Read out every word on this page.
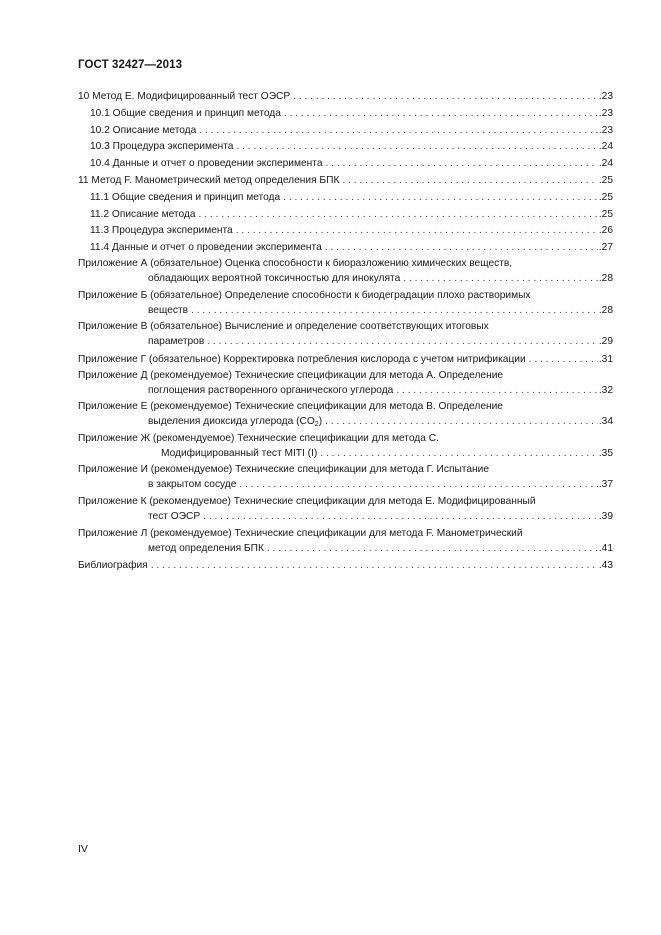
ГОСТ 32427—2013
10 Метод Е. Модифицированный тест ОЭСР . . .	.23
10.1 Общие сведения и принцип метода . . .	.23
10.2 Описание метода . . .	.23
10.3 Процедура эксперимента . . .	.24
10.4 Данные и отчет о проведении эксперимента . . .	.24
11 Метод F. Манометрический метод определения БПК . . .	.25
11.1 Общие сведения и принцип метода . . .	.25
11.2 Описание метода . . .	.25
11.3 Процедура эксперимента . . .	.26
11.4 Данные и отчет о проведении эксперимента . . .	.27
Приложение А (обязательное) Оценка способности к биоразложению химических веществ,
обладающих вероятной токсичностью для инокулята . . .	.28
Приложение Б (обязательное) Определение способности к биодеградации плохо растворимых
веществ . . .	.28
Приложение В (обязательное) Вычисление и определение соответствующих итоговых
параметров . . .	.29
Приложение Г (обязательное) Корректировка потребления кислорода с учетом нитрификации . . .	.31
Приложение Д (рекомендуемое) Технические спецификации для метода А. Определение
поглощения растворенного органического углерода . . .	.32
Приложение Е (рекомендуемое) Технические спецификации для метода В. Определение
выделения диоксида углерода $(CO_2)$ . . .	.34
Приложение Ж (рекомендуемое) Технические спецификации для метода С.
Модифицированный тест MITI (I) . . .	.35
Приложение И (рекомендуемое) Технические спецификации для метода Г. Испытание
в закрытом сосуде . . .	.37
Приложение К (рекомендуемое) Технические спецификации для метода Е. Модифицированный
тест ОЭСР . . .	.39
Приложение Л (рекомендуемое) Технические спецификации для метода F. Манометрический
метод определения БПК . . .	.41
Библиография . . .	.43
IV
